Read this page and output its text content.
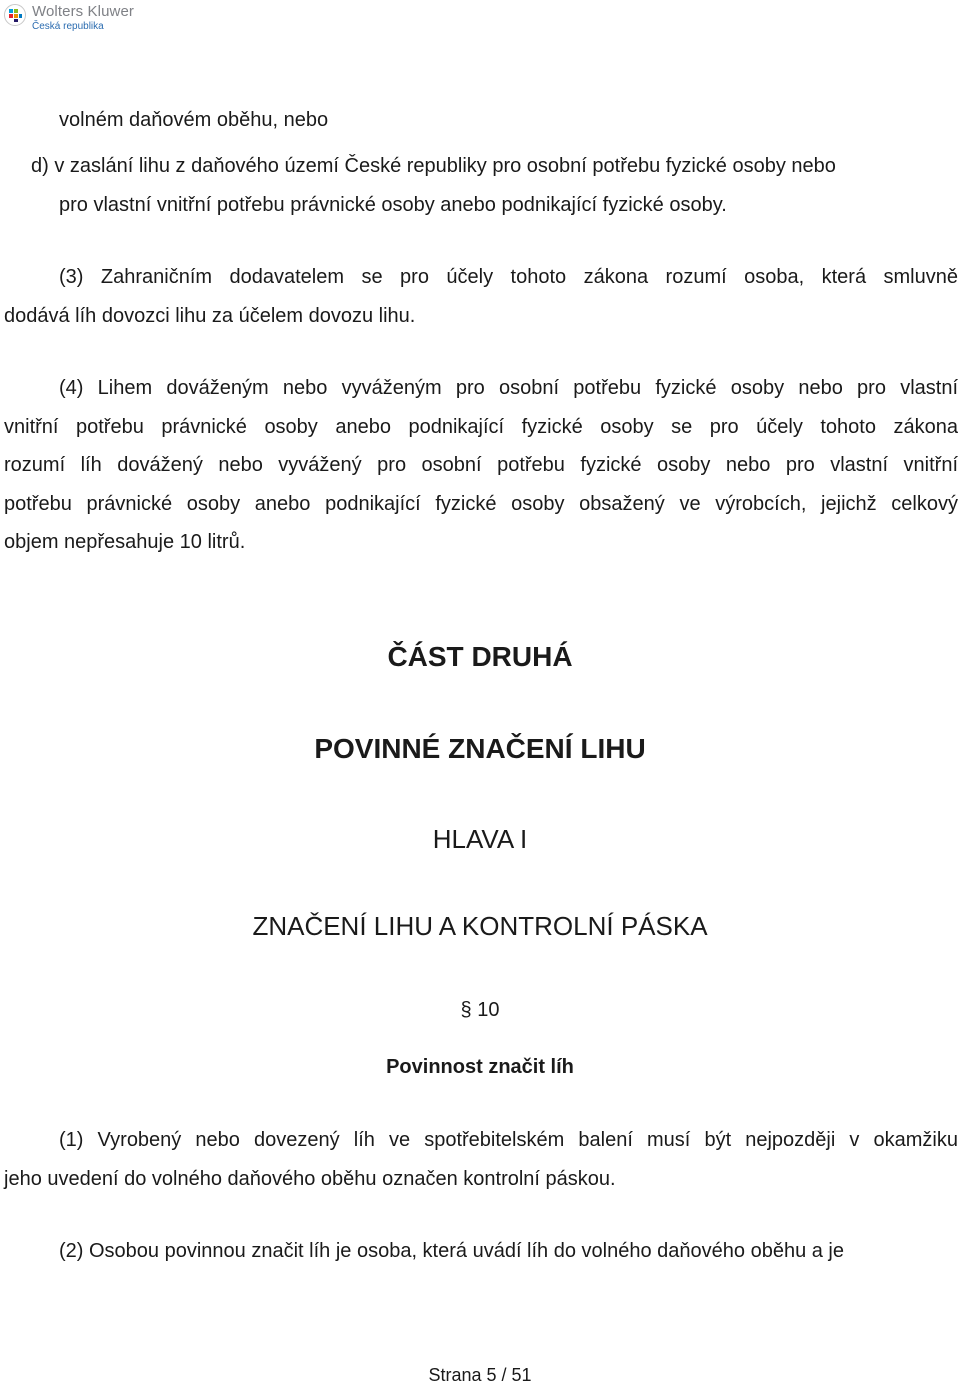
Wolters Kluwer
Česká republika
volném daňovém oběhu, nebo
d) v zaslání lihu z daňového území České republiky pro osobní potřebu fyzické osoby nebo
pro vlastní vnitřní potřebu právnické osoby anebo podnikající fyzické osoby.
(3) Zahraničním dodavatelem se pro účely tohoto zákona rozumí osoba, která smluvně
dodává líh dovozci lihu za účelem dovozu lihu.
(4) Lihem dováženým nebo vyváženým pro osobní potřebu fyzické osoby nebo pro vlastní
vnitřní potřebu právnické osoby anebo podnikající fyzické osoby se pro účely tohoto zákona
rozumí líh dovážený nebo vyvážený pro osobní potřebu fyzické osoby nebo pro vlastní vnitřní
potřebu právnické osoby anebo podnikající fyzické osoby obsažený ve výrobcích, jejichž celkový
objem nepřesahuje 10 litrů.
ČÁST DRUHÁ
POVINNÉ ZNAČENÍ LIHU
HLAVA I
ZNAČENÍ LIHU A KONTROLNÍ PÁSKA
§ 10
Povinnost značit líh
(1) Vyrobený nebo dovezený líh ve spotřebitelském balení musí být nejpozději v okamžiku
jeho uvedení do volného daňového oběhu označen kontrolní páskou.
(2) Osobou povinnou značit líh je osoba, která uvádí líh do volného daňového oběhu a je
Strana 5 / 51
